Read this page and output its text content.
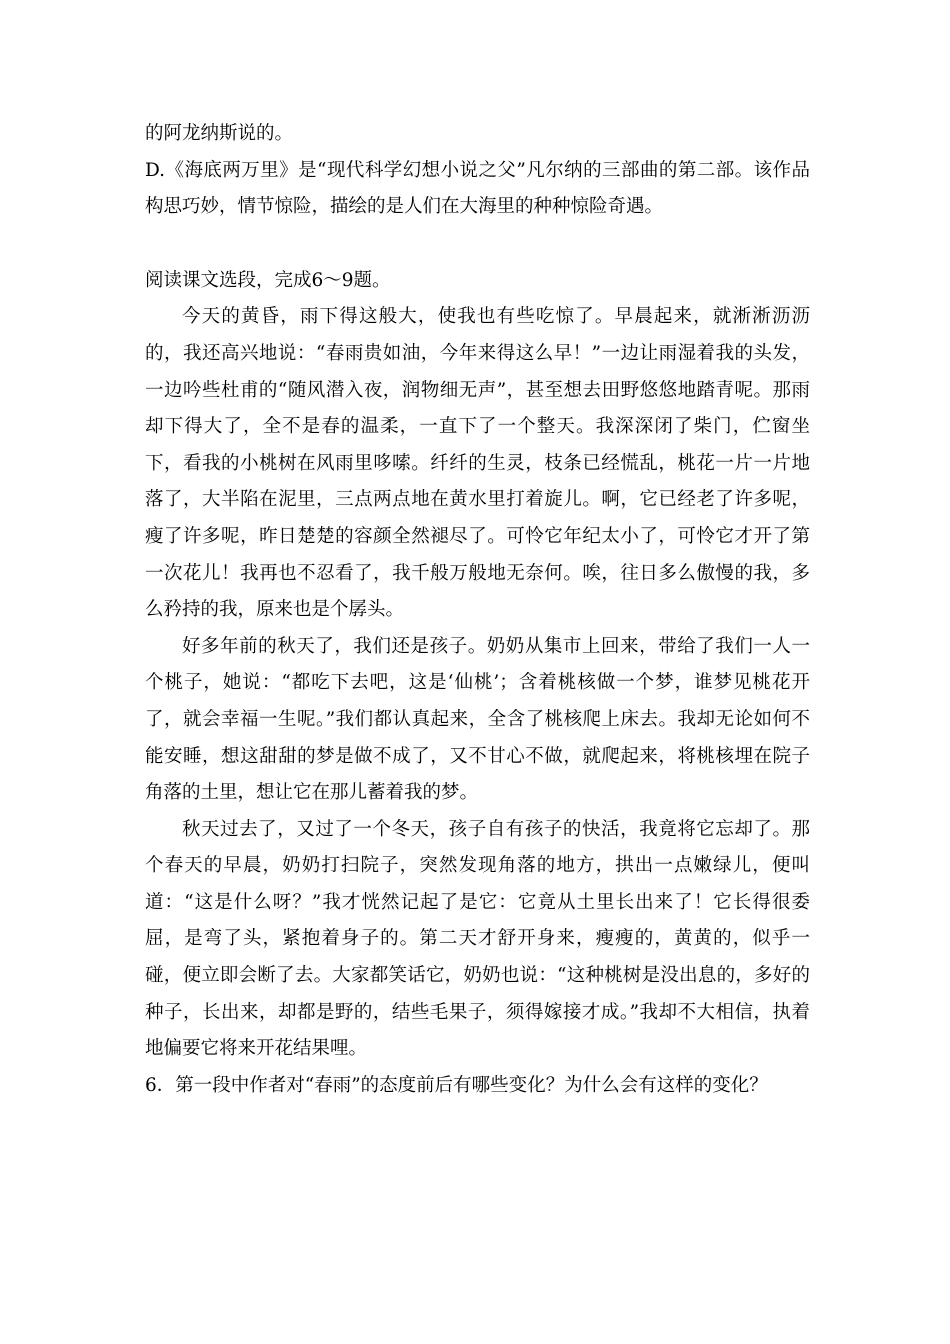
的阿龙纳斯说的。

D.《海底两万里》是“现代科学幻想小说之父”凡尔纳的三部曲的第二部。该作品构思巧妙，情节惊险，描绘的是人们在大海里的种种惊险奇遇。

阅读课文选段，完成6～9题。

今天的黄昏，雨下得这般大，使我也有些吃惊了。早晨起来，就淅淅沥沥的，我还高兴地说：“春雨贵如油，今年来得这么早！”一边让雨湿着我的头发，一边吟些杜甫的“随风潜入夜，润物细无声”，甚至想去田野悠悠地踏青呢。那雨却下得大了，全不是春的温柔，一直下了一个整天。我深深闭了柴门，伫窗坐下，看我的小桃树在风雨里哆嗦。纤纤的生灵，枝条已经慌乱，桃花一片一片地落了，大半陷在泥里，三点两点地在黄水里打着旋儿。啊，它已经老了许多呢，瘦了许多呢，昨日楚楚的容颜全然褪尽了。可怜它年纪太小了，可怜它才开了第一次花儿！我再也不忍看了，我千般万般地无奈何。唉，往日多么傲慢的我，多么矜持的我，原来也是个孱头。

好多年前的秋天了，我们还是孩子。奶奶从集市上回来，带给了我们一人一个桃子，她说：“都吃下去吧，这是‘仙桃’；含着桃核做一个梦，谁梦见桃花开了，就会幸福一生呢。”我们都认真起来，全含了桃核爬上床去。我却无论如何不能安睡，想这甜甜的梦是做不成了，又不甘心不做，就爬起来，将桃核埋在院子角落的土里，想让它在那儿蓄着我的梦。

秋天过去了，又过了一个冬天，孩子自有孩子的快活，我竟将它忘却了。那个春天的早晨，奶奶打扫院子，突然发现角落的地方，拱出一点嫩绿儿，便叫道：“这是什么呀？”我才恍然记起了是它：它竟从土里长出来了！它长得很委屈，是弯了头，紧抱着身子的。第二天才舒开身来，瘦瘦的，黄黄的，似乎一碰，便立即会断了去。大家都笑话它，奶奶也说：“这种桃树是没出息的，多好的种子，长出来，却都是野的，结些毛果子，须得嫁接才成。”我却不大相信，执着地偏要它将来开花结果哩。

6．第一段中作者对“春雨”的态度前后有哪些变化？为什么会有这样的变化？
